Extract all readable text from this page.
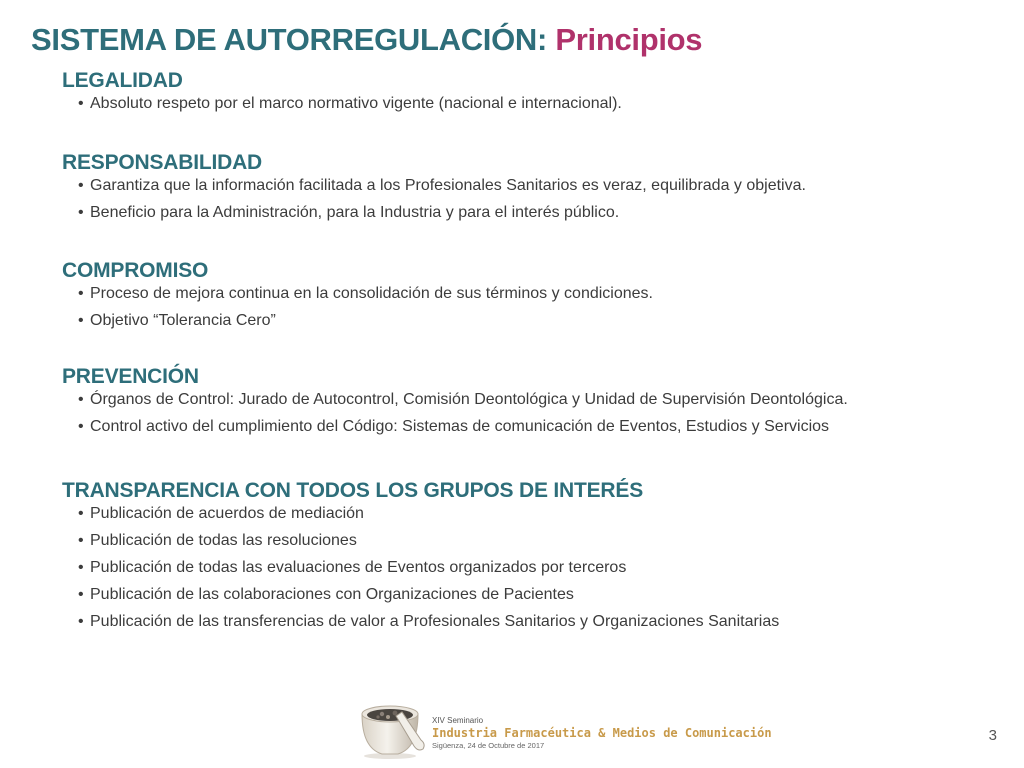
SISTEMA DE AUTORREGULACIÓN: Principios
LEGALIDAD
• Absoluto respeto por el marco normativo vigente (nacional e internacional).
RESPONSABILIDAD
• Garantiza que la información facilitada a los Profesionales Sanitarios es veraz, equilibrada y objetiva.
• Beneficio para la Administración, para la Industria y para el interés público.
COMPROMISO
• Proceso de mejora continua en la consolidación de sus términos y condiciones.
• Objetivo “Tolerancia Cero”
PREVENCIÓN
• Órganos de Control: Jurado de Autocontrol, Comisión Deontológica y Unidad de Supervisión Deontológica.
• Control activo del cumplimiento del Código: Sistemas de comunicación de Eventos, Estudios y Servicios
TRANSPARENCIA CON TODOS LOS GRUPOS DE INTERÉS
• Publicación de acuerdos de mediación
• Publicación de todas las resoluciones
• Publicación de todas las evaluaciones de Eventos organizados por terceros
• Publicación de las colaboraciones con Organizaciones de Pacientes
• Publicación de las transferencias de valor a Profesionales Sanitarios y Organizaciones Sanitarias
XIV Seminario
Industria Farmacéutica & Medios de Comunicación
Sigüenza, 24 de Octubre de 2017
3
